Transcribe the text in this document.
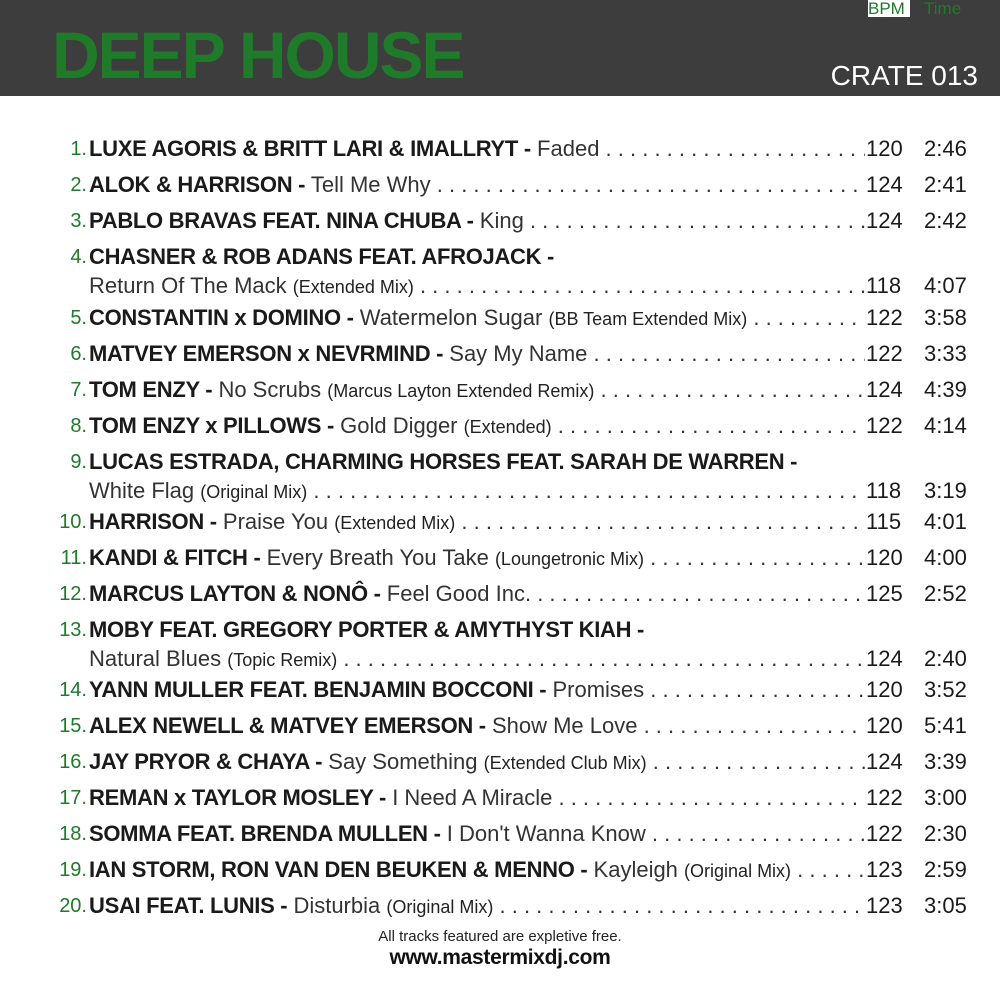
DEEP HOUSE	CRATE 013
BPM	Time
1. LUXE AGORIS & BRITT LARI & IMALLRYT - Faded . . .	120 2:46
2. ALOK & HARRISON - Tell Me Why . . .	124 2:41
3. PABLO BRAVAS FEAT. NINA CHUBA - King . . .	124 2:42
4. CHASNER & ROB ADANS FEAT. AFROJACK -
Return Of The Mack (Extended Mix) . . .	118	4:07
5. CONSTANTIN x DOMINO - Watermelon Sugar (BB Team Extended Mix) . . .	122 3:58
6. MATVEY EMERSON x NEVRMIND - Say My Name . . .	122 3:33
7. TOM ENZY - No Scrubs (Marcus Layton Extended Remix) . . .	124 4:39
8. TOM ENZY x PILLOWS - Gold Digger (Extended) . . .	122 4:14
9. LUCAS ESTRADA, CHARMING HORSES FEAT. SARAH DE WARREN -
White Flag (Original Mix) . . .	118	3:19
10. HARRISON - Praise You (Extended Mix) . . .	115	4:01
11. KANDI & FITCH - Every Breath You Take (Loungetronic Mix) . . .	120 4:00
12. MARCUS LAYTON & NONÔ - Feel Good Inc. . . .	125 2:52
13. MOBY FEAT. GREGORY PORTER & AMYTHYST KIAH -
Natural Blues (Topic Remix) . . .	124 2:40
14. YANN MULLER FEAT. BENJAMIN BOCCONI - Promises . . .	120 3:52
15. ALEX NEWELL & MATVEY EMERSON - Show Me Love . . .	120 5:41
16. JAY PRYOR & CHAYA - Say Something (Extended Club Mix) . . .	124 3:39
17. REMAN x TAYLOR MOSLEY - I Need A Miracle . . .	122 3:00
18. SOMMA FEAT. BRENDA MULLEN - I Don't Wanna Know . . .	122 2:30
19. IAN STORM, RON VAN DEN BEUKEN & MENNO - Kayleigh (Original Mix) . . .	123 2:59
20. USAI FEAT. LUNIS - Disturbia (Original Mix) . . .	123 3:05
All tracks featured are expletive free.
www.mastermixdj.com
